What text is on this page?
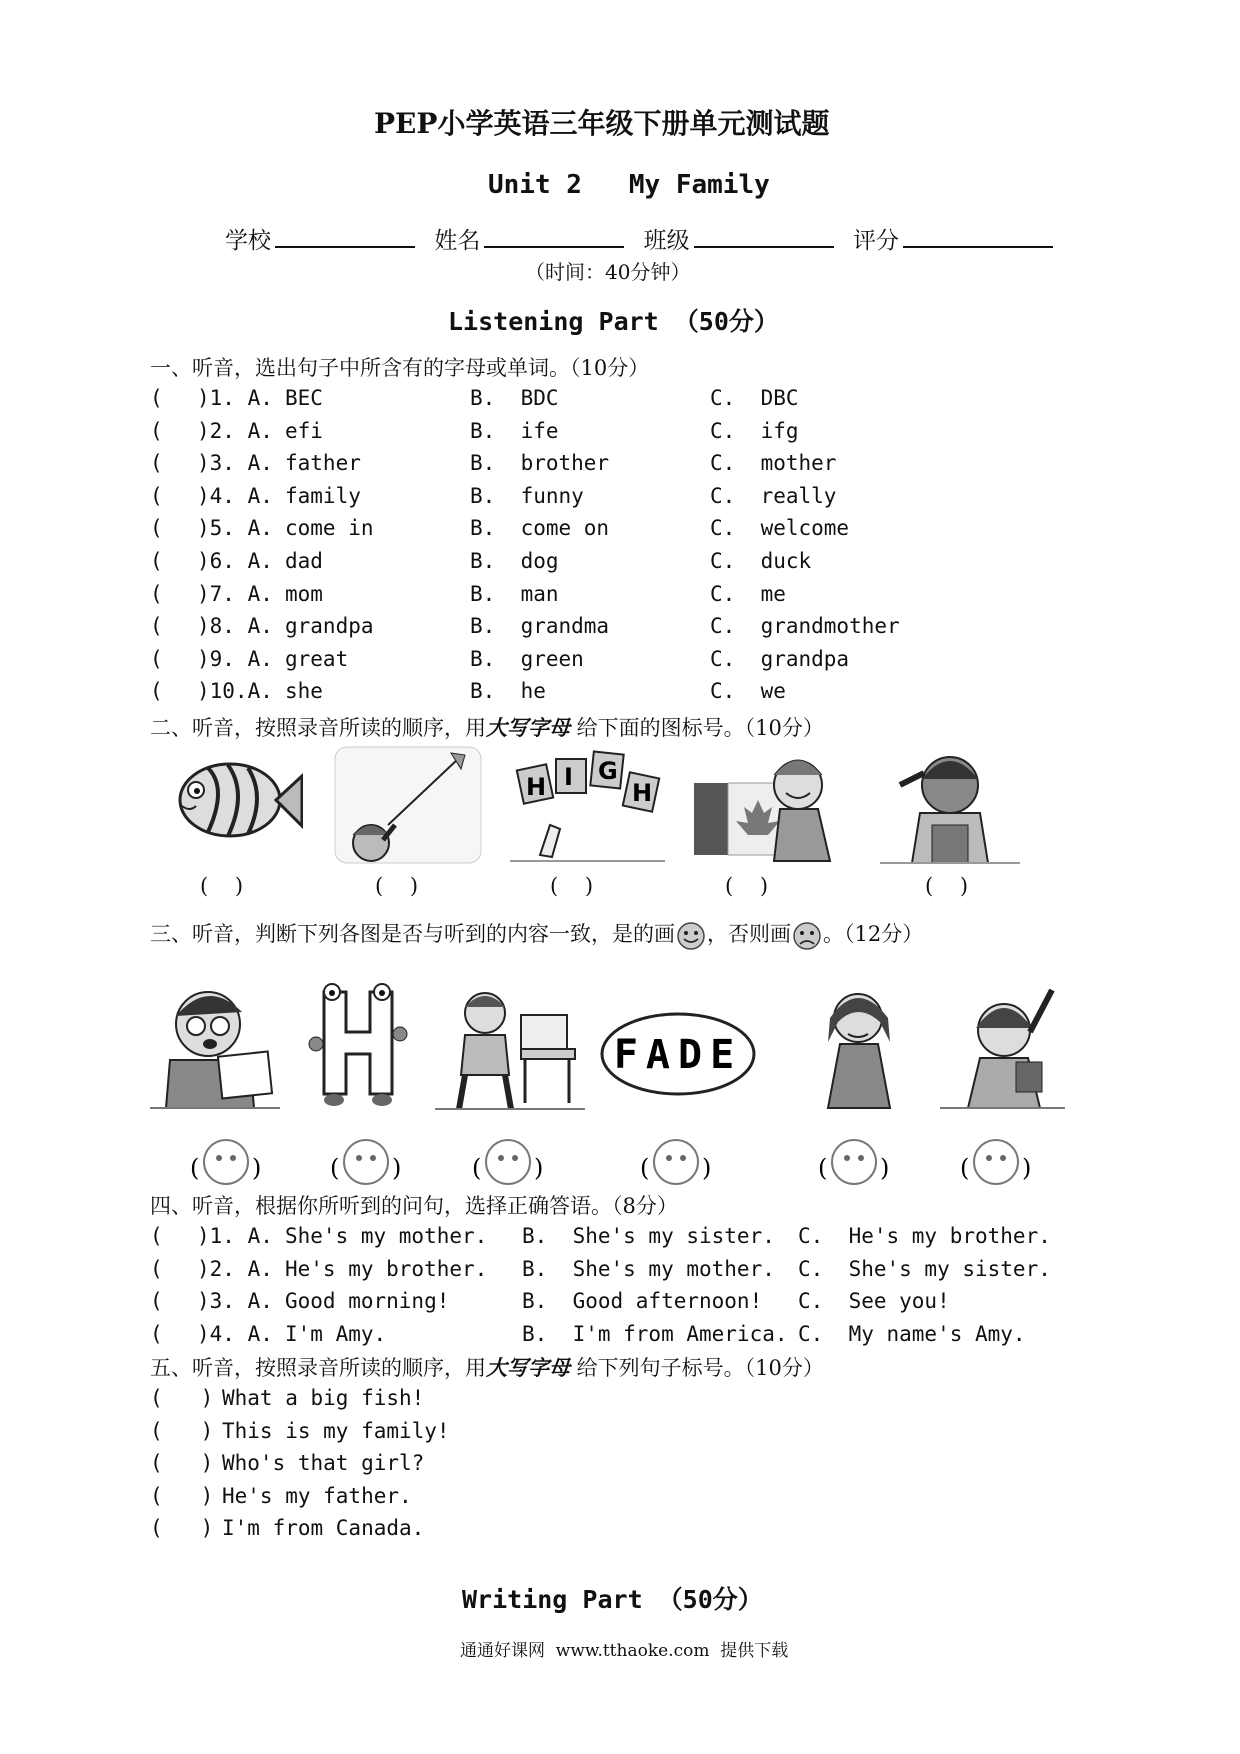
PEP小学英语三年级下册单元测试题
Unit 2   My Family
学校	姓名	班级	评分
（时间：40分钟）
Listening Part （50分）
一、听音，选出句子中所含有的字母或单词。（10分）
( )1. A. BEC	B.  BDC	C.  DBC
( )2. A. efi	B.  ife	C.  ifg
( )3. A. father	B.  brother	C.  mother
( )4. A. family	B.  funny	C.  really
( )5. A. come in	B.  come on	C.  welcome
( )6. A. dad	B.  dog	C.  duck
( )7. A. mom	B.  man	C.  me
( )8. A. grandpa	B.  grandma	C.  grandmother
( )9. A. great	B.  green	C.  grandpa
( )10.A. she	B.  he	C.  we
二、听音，按照录音所读的顺序，用大写字母 给下面的图标号。（10分）
H I G
H
(    )	(    )	(    )	(    )	(    )
三、听音，判断下列各图是否与听到的内容一致，是的画 ，否则画 。（12分）
FADE
( )	( )	( )	( )	( )	( )
四、听音，根据你所听到的问句，选择正确答语。（8分）
( )1. A. She's my mother. B.  She's my sister. C.  He's my brother.
( )2. A. He's my brother. B.  She's my mother. C.  She's my sister.
( )3. A. Good morning!	B.  Good afternoon! C.  See you!
( )4. A. I'm Amy.	B.  I'm from America. C.  My name's Amy.
五、听音，按照录音所读的顺序，用大写字母 给下列句子标号。（10分）
(   ) What a big fish!
(   ) This is my family!
(   ) Who's that girl?
(   ) He's my father.
(   ) I'm from Canada.
Writing Part （50分）
通通好课网  www.tthaoke.com  提供下载
